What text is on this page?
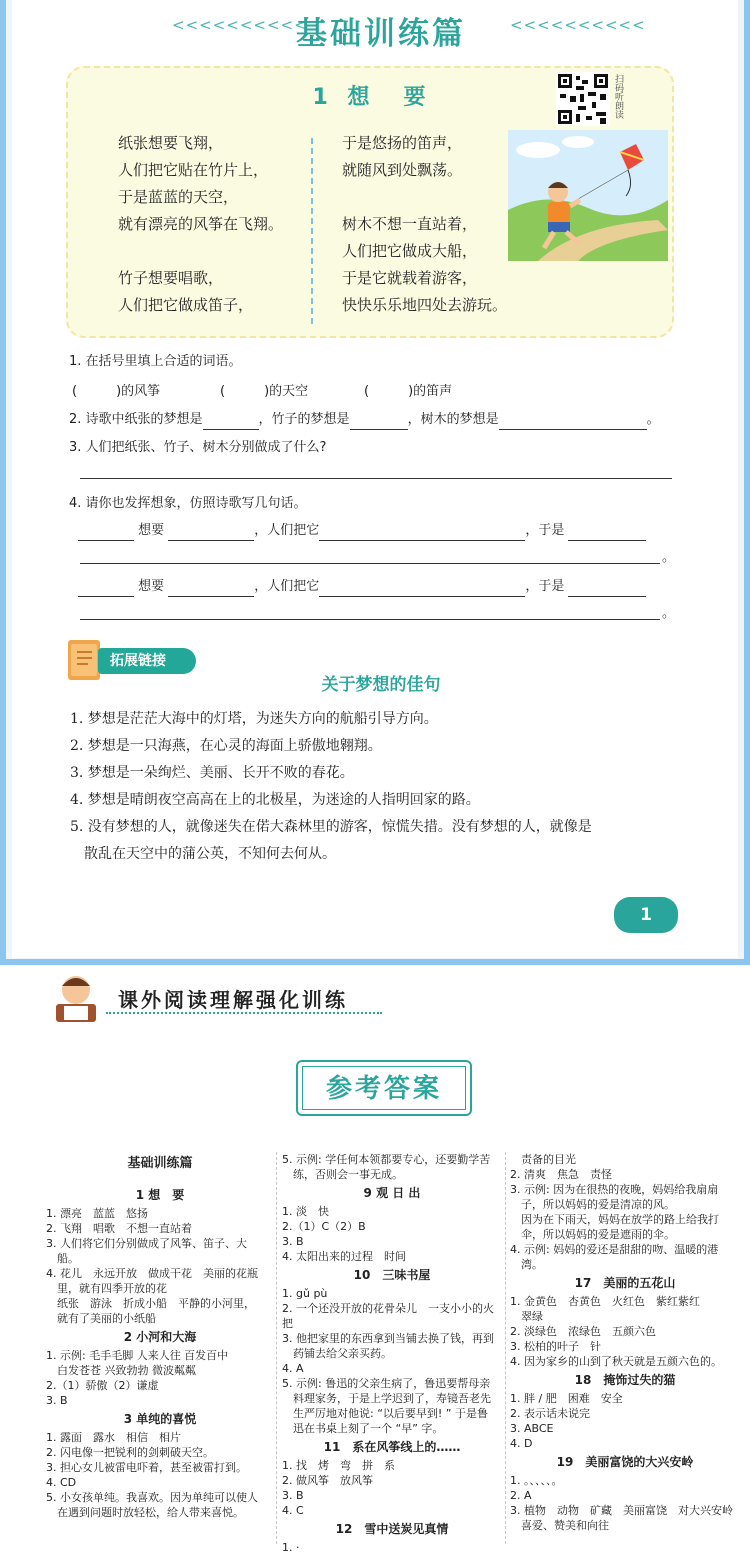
<<<<<<<<<<
基础训练篇	<<<<<<<<<<
1 想　要	扫码听朗读
纸张想要飞翔，
人们把它贴在竹片上，
于是蓝蓝的天空，
就有漂亮的风筝在飞翔。
竹子想要唱歌，
人们把它做成笛子，
于是悠扬的笛声，
就随风到处飘荡。
树木不想一直站着，
人们把它做成大船，
于是它就载着游客，
快快乐乐地四处去游玩。
1. 在括号里填上合适的词语。
(　　　)的风筝	(　　　)的天空	(　　　)的笛声
2. 诗歌中纸张的梦想是	，竹子的梦想是	，树木的梦想是	。
3. 人们把纸张、竹子、树木分别做成了什么?
4. 请你也发挥想象，仿照诗歌写几句话。
想要	，人们把它	，于是
。
想要	，人们把它	，于是
。
拓展链接
关于梦想的佳句
1. 梦想是茫茫大海中的灯塔，为迷失方向的航船引导方向。
2. 梦想是一只海燕，在心灵的海面上骄傲地翱翔。
3. 梦想是一朵绚烂、美丽、长开不败的春花。
4. 梦想是晴朗夜空高高在上的北极星，为迷途的人指明回家的路。
5. 没有梦想的人，就像迷失在偌大森林里的游客，惊慌失措。没有梦想的人，就像是
　散乱在天空中的蒲公英，不知何去何从。
1
课外阅读理解强化训练
参考答案
基础训练篇
1 想　要
1. 漂亮　蓝蓝　悠扬
2. 飞翔　唱歌　不想一直站着
3. 人们将它们分别做成了风筝、笛子、大
　船。
4. 花儿　永远开放　做成干花　美丽的花瓶
　里，就有四季开放的花
　纸张　游泳　折成小船　平静的小河里，
　就有了美丽的小纸船
2 小河和大海
1. 示例: 毛手毛脚 人来人往 百发百中
　白发苍苍 兴致勃勃 微波粼粼
2.（1）骄傲（2）谦虚
3. B
3 单纯的喜悦
1. 露面　露水　相信　相片
2. 闪电像一把锐利的剑刺破天空。
3. 担心女儿被雷电吓着，甚至被雷打到。
4. CD
5. 小女孩单纯。我喜欢。因为单纯可以使人
　在遇到问题时放轻松，给人带来喜悦。
5. 示例: 学任何本领都要专心，还要勤学苦
　练，否则会一事无成。
9 观 日 出
1. 淡　快
2.（1）C（2）B
3. B
4. 太阳出来的过程　时间
10　三味书屋
1. gǔ pù
2. 一个还没开放的花骨朵儿　一支小小的火把
3. 他把家里的东西拿到当铺去换了钱，再到
　药铺去给父亲买药。
4. A
5. 示例: 鲁迅的父亲生病了，鲁迅要帮母亲
　料理家务，于是上学迟到了，寿镜吾老先
　生严厉地对他说: “以后要早到! ” 于是鲁
　迅在书桌上刻了一个 “早” 字。
11　系在风筝线上的……
1. 找　烤　弯　拼　系
2. 做风筝　放风筝
3. B
4. C
12　雪中送炭见真情
1. ·
　责备的目光
2. 清爽　焦急　责怪
3. 示例: 因为在很热的夜晚，妈妈给我扇扇
　子，所以妈妈的爱是清凉的风。
　因为在下雨天，妈妈在放学的路上给我打
　伞，所以妈妈的爱是遮雨的伞。
4. 示例: 妈妈的爱还是甜甜的吻、温暖的港
　湾。
17　美丽的五花山
1. 金黄色　杏黄色　火红色　紫红紫红
　翠绿
2. 淡绿色　浓绿色　五颜六色
3. 松柏的叶子　针
4. 因为家乡的山到了秋天就是五颜六色的。
18　掩饰过失的猫
1. 胖 / 肥　困难　安全
2. 表示话未说完
3. ABCE
4. D
19　美丽富饶的大兴安岭
1. 。、、、、。
2. A
3. 植物　动物　矿藏　美丽富饶　对大兴安岭
　喜爱、赞美和向往
